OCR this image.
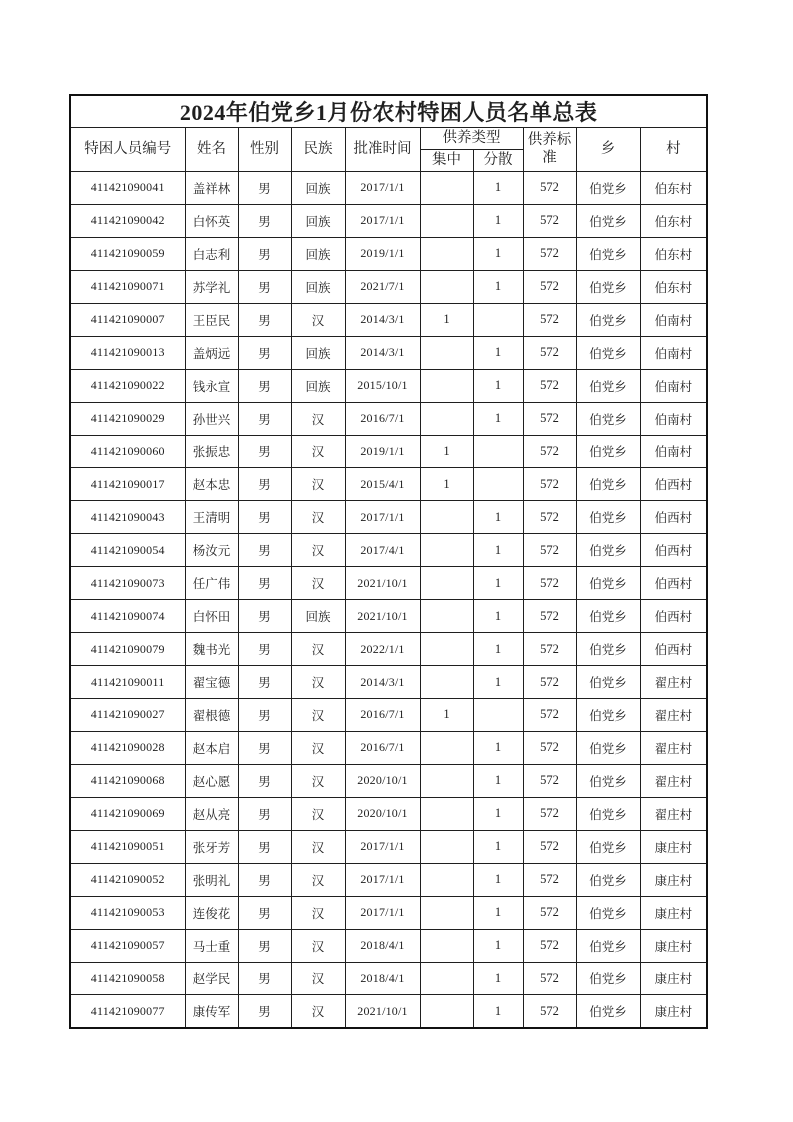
2024年伯党乡1月份农村特困人员名单总表									
特困人员编号	姓名	性别	民族	批准时间	供养类型		供养标准	乡	村
					集中	分散			
411421090041	盖祥林	男	回族	2017/1/1		1	572	伯党乡	伯东村
411421090042	白怀英	男	回族	2017/1/1		1	572	伯党乡	伯东村
411421090059	白志利	男	回族	2019/1/1		1	572	伯党乡	伯东村
411421090071	苏学礼	男	回族	2021/7/1		1	572	伯党乡	伯东村
411421090007	王臣民	男	汉	2014/3/1	1		572	伯党乡	伯南村
411421090013	盖炳远	男	回族	2014/3/1		1	572	伯党乡	伯南村
411421090022	钱永宣	男	回族	2015/10/1		1	572	伯党乡	伯南村
411421090029	孙世兴	男	汉	2016/7/1		1	572	伯党乡	伯南村
411421090060	张振忠	男	汉	2019/1/1	1		572	伯党乡	伯南村
411421090017	赵本忠	男	汉	2015/4/1	1		572	伯党乡	伯西村
411421090043	王清明	男	汉	2017/1/1		1	572	伯党乡	伯西村
411421090054	杨汝元	男	汉	2017/4/1		1	572	伯党乡	伯西村
411421090073	任广伟	男	汉	2021/10/1		1	572	伯党乡	伯西村
411421090074	白怀田	男	回族	2021/10/1		1	572	伯党乡	伯西村
411421090079	魏书光	男	汉	2022/1/1		1	572	伯党乡	伯西村
411421090011	翟宝德	男	汉	2014/3/1		1	572	伯党乡	翟庄村
411421090027	翟根德	男	汉	2016/7/1	1		572	伯党乡	翟庄村
411421090028	赵本启	男	汉	2016/7/1		1	572	伯党乡	翟庄村
411421090068	赵心愿	男	汉	2020/10/1		1	572	伯党乡	翟庄村
411421090069	赵从亮	男	汉	2020/10/1		1	572	伯党乡	翟庄村
411421090051	张牙芳	男	汉	2017/1/1		1	572	伯党乡	康庄村
411421090052	张明礼	男	汉	2017/1/1		1	572	伯党乡	康庄村
411421090053	连俊花	男	汉	2017/1/1		1	572	伯党乡	康庄村
411421090057	马士重	男	汉	2018/4/1		1	572	伯党乡	康庄村
411421090058	赵学民	男	汉	2018/4/1		1	572	伯党乡	康庄村
411421090077	康传军	男	汉	2021/10/1		1	572	伯党乡	康庄村
